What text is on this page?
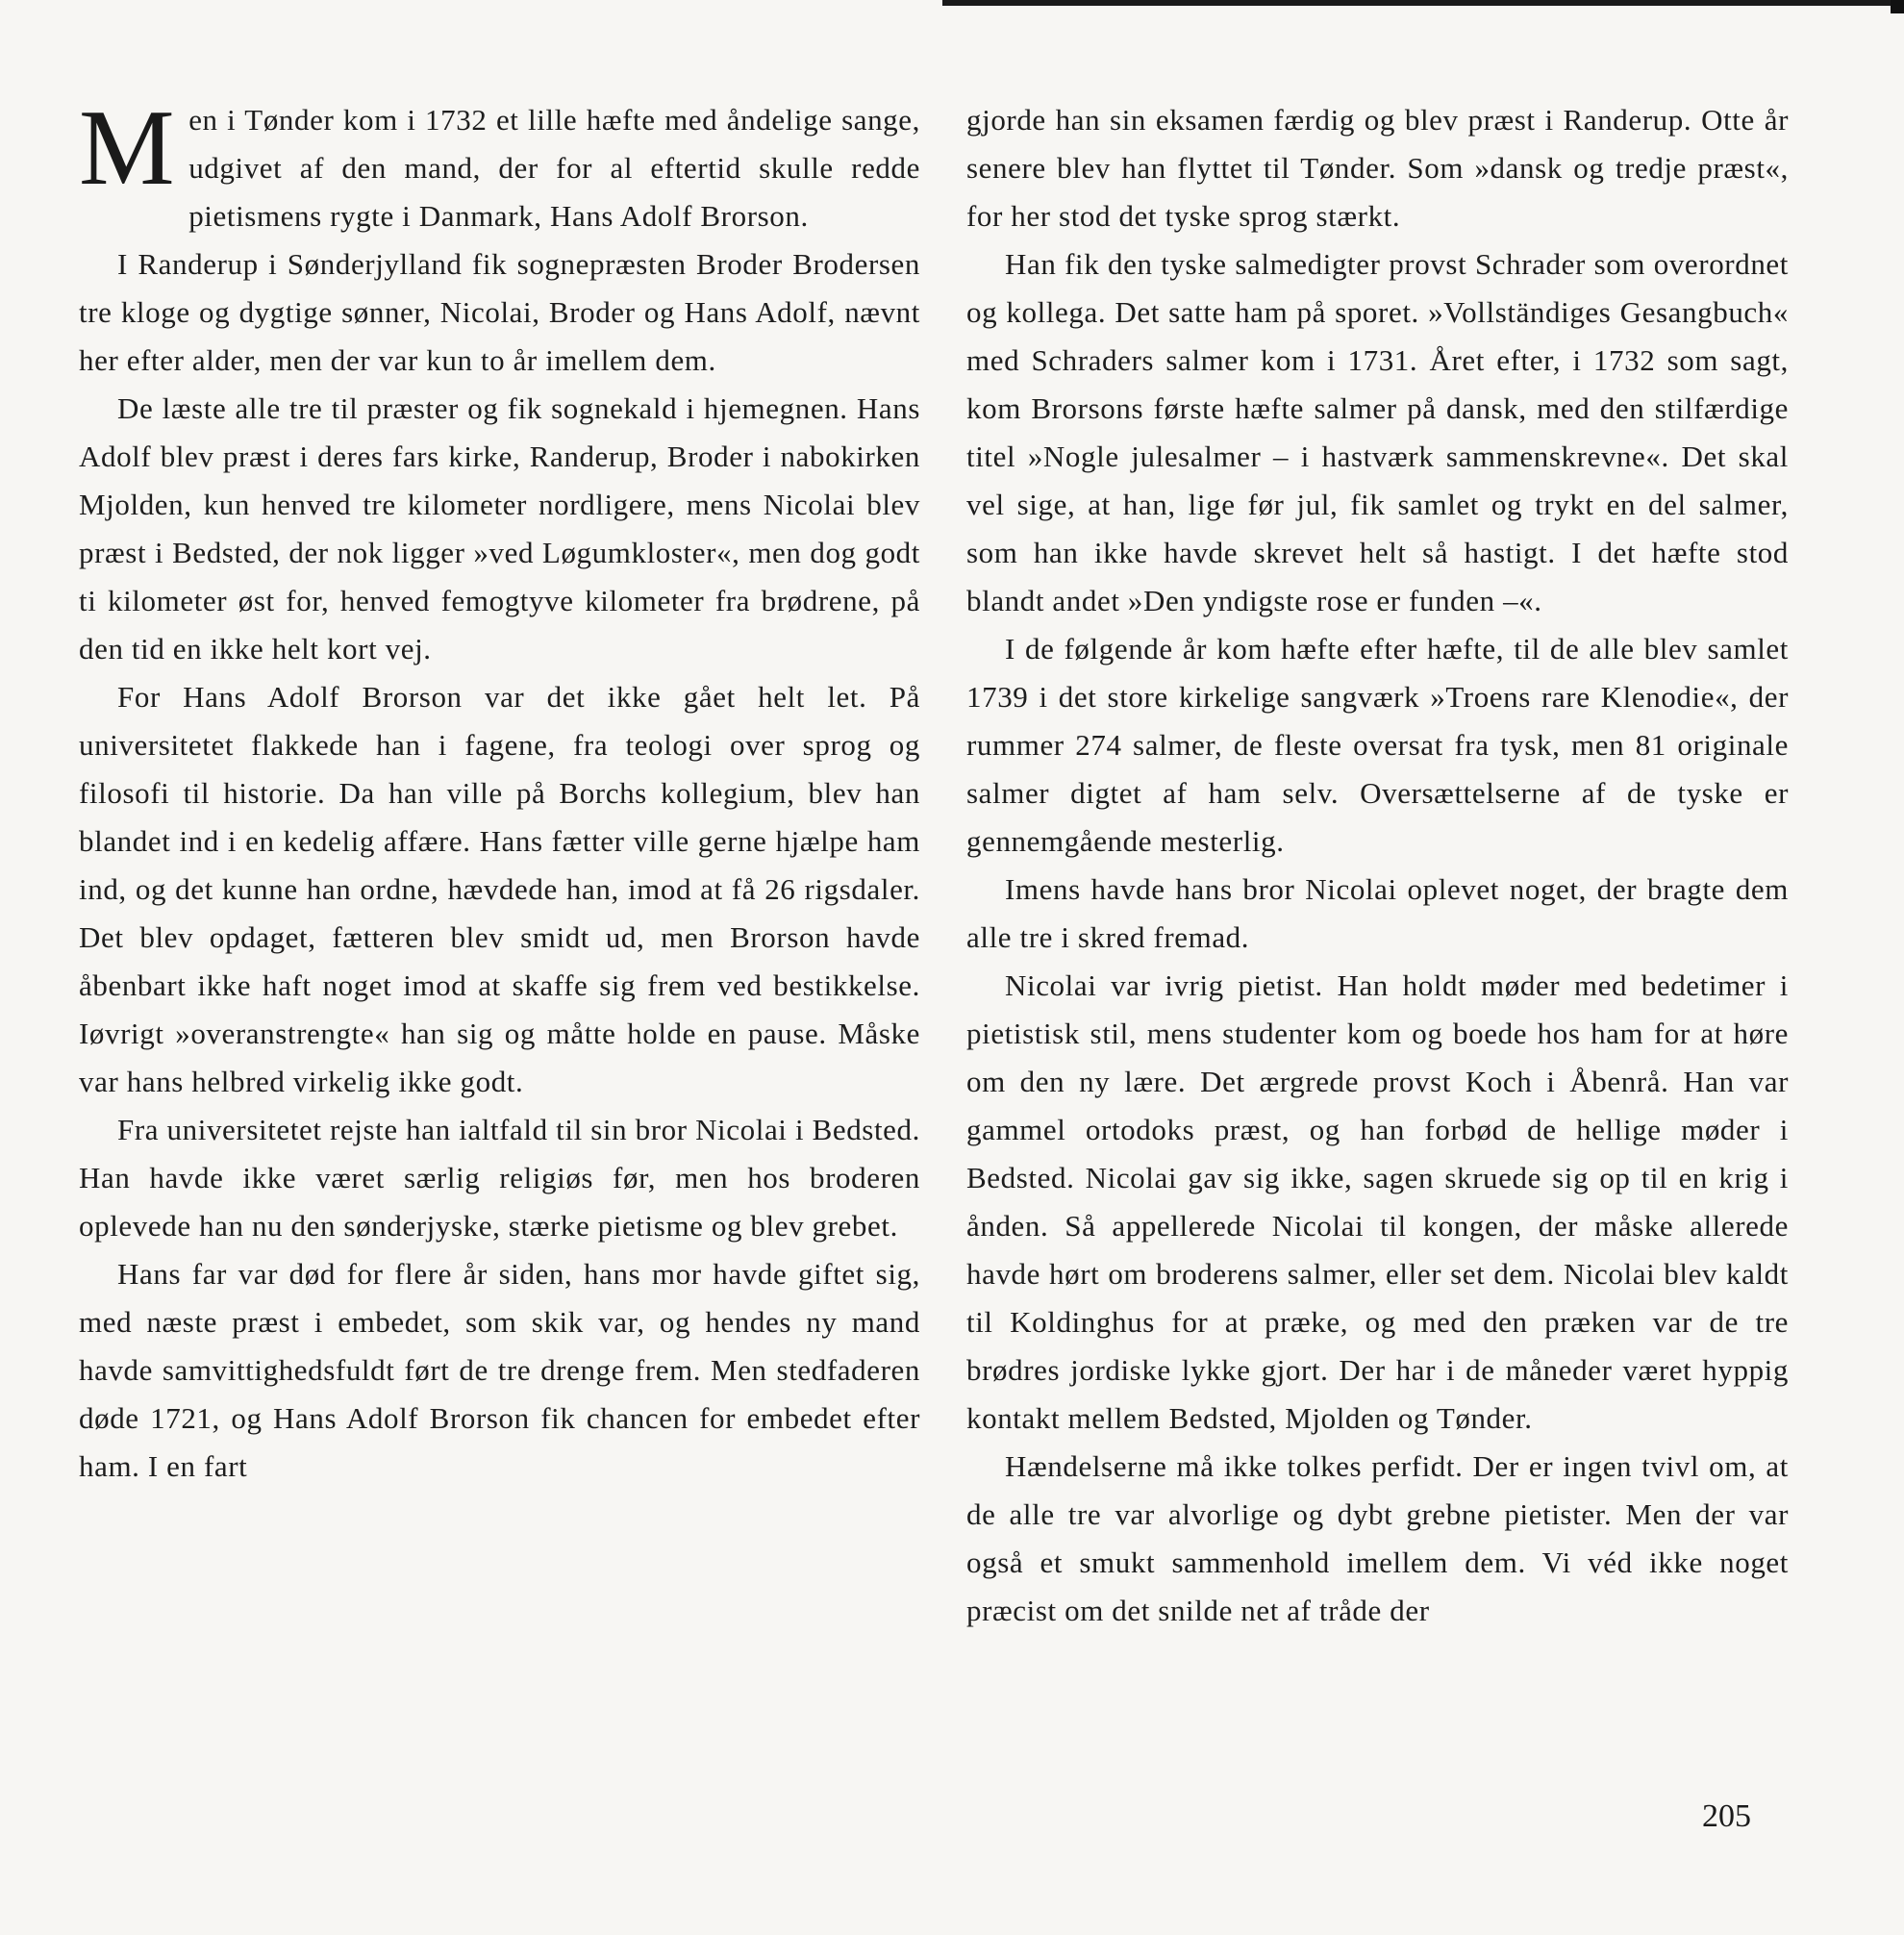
Men i Tønder kom i 1732 et lille hæfte med åndelige sange, udgivet af den mand, der for al eftertid skulle redde pietismens rygte i Danmark, Hans Adolf Brorson.

I Randerup i Sønderjylland fik sognepræsten Broder Brodersen tre kloge og dygtige sønner, Nicolai, Broder og Hans Adolf, nævnt her efter alder, men der var kun to år imellem dem.

De læste alle tre til præster og fik sognekald i hjemegnen. Hans Adolf blev præst i deres fars kirke, Randerup, Broder i nabokirken Mjolden, kun henved tre kilometer nordligere, mens Nicolai blev præst i Bedsted, der nok ligger »ved Løgumkloster«, men dog godt ti kilometer øst for, henved femogtyve kilometer fra brødrene, på den tid en ikke helt kort vej.

For Hans Adolf Brorson var det ikke gået helt let. På universitetet flakkede han i fagene, fra teologi over sprog og filosofi til historie. Da han ville på Borchs kollegium, blev han blandet ind i en kedelig affære. Hans fætter ville gerne hjælpe ham ind, og det kunne han ordne, hævdede han, imod at få 26 rigsdaler. Det blev opdaget, fætteren blev smidt ud, men Brorson havde åbenbart ikke haft noget imod at skaffe sig frem ved bestikkelse. Iøvrigt »overanstrengte« han sig og måtte holde en pause. Måske var hans helbred virkelig ikke godt.

Fra universitetet rejste han ialtfald til sin bror Nicolai i Bedsted. Han havde ikke været særlig religiøs før, men hos broderen oplevede han nu den sønderjyske, stærke pietisme og blev grebet.

Hans far var død for flere år siden, hans mor havde giftet sig, med næste præst i embedet, som skik var, og hendes ny mand havde samvittighedsfuldt ført de tre drenge frem. Men stedfaderen døde 1721, og Hans Adolf Brorson fik chancen for embedet efter ham. I en fart

gjorde han sin eksamen færdig og blev præst i Randerup. Otte år senere blev han flyttet til Tønder. Som »dansk og tredje præst«, for her stod det tyske sprog stærkt.

Han fik den tyske salmedigter provst Schrader som overordnet og kollega. Det satte ham på sporet. »Vollständiges Gesangbuch« med Schraders salmer kom i 1731. Året efter, i 1732 som sagt, kom Brorsons første hæfte salmer på dansk, med den stilfærdige titel »Nogle julesalmer – i hastværk sammenskrevne«. Det skal vel sige, at han, lige før jul, fik samlet og trykt en del salmer, som han ikke havde skrevet helt så hastigt. I det hæfte stod blandt andet »Den yndigste rose er funden –«.

I de følgende år kom hæfte efter hæfte, til de alle blev samlet 1739 i det store kirkelige sangværk »Troens rare Klenodie«, der rummer 274 salmer, de fleste oversat fra tysk, men 81 originale salmer digtet af ham selv. Oversættelserne af de tyske er gennemgående mesterlig.

Imens havde hans bror Nicolai oplevet noget, der bragte dem alle tre i skred fremad.

Nicolai var ivrig pietist. Han holdt møder med bedetimer i pietistisk stil, mens studenter kom og boede hos ham for at høre om den ny lære. Det ærgrede provst Koch i Åbenrå. Han var gammel ortodoks præst, og han forbød de hellige møder i Bedsted. Nicolai gav sig ikke, sagen skruede sig op til en krig i ånden. Så appellerede Nicolai til kongen, der måske allerede havde hørt om broderens salmer, eller set dem. Nicolai blev kaldt til Koldinghus for at præke, og med den præken var de tre brødres jordiske lykke gjort. Der har i de måneder været hyppig kontakt mellem Bedsted, Mjolden og Tønder.

Hændelserne må ikke tolkes perfidt. Der er ingen tvivl om, at de alle tre var alvorlige og dybt grebne pietister. Men der var også et smukt sammenhold imellem dem. Vi véd ikke noget præcist om det snilde net af tråde der

205
